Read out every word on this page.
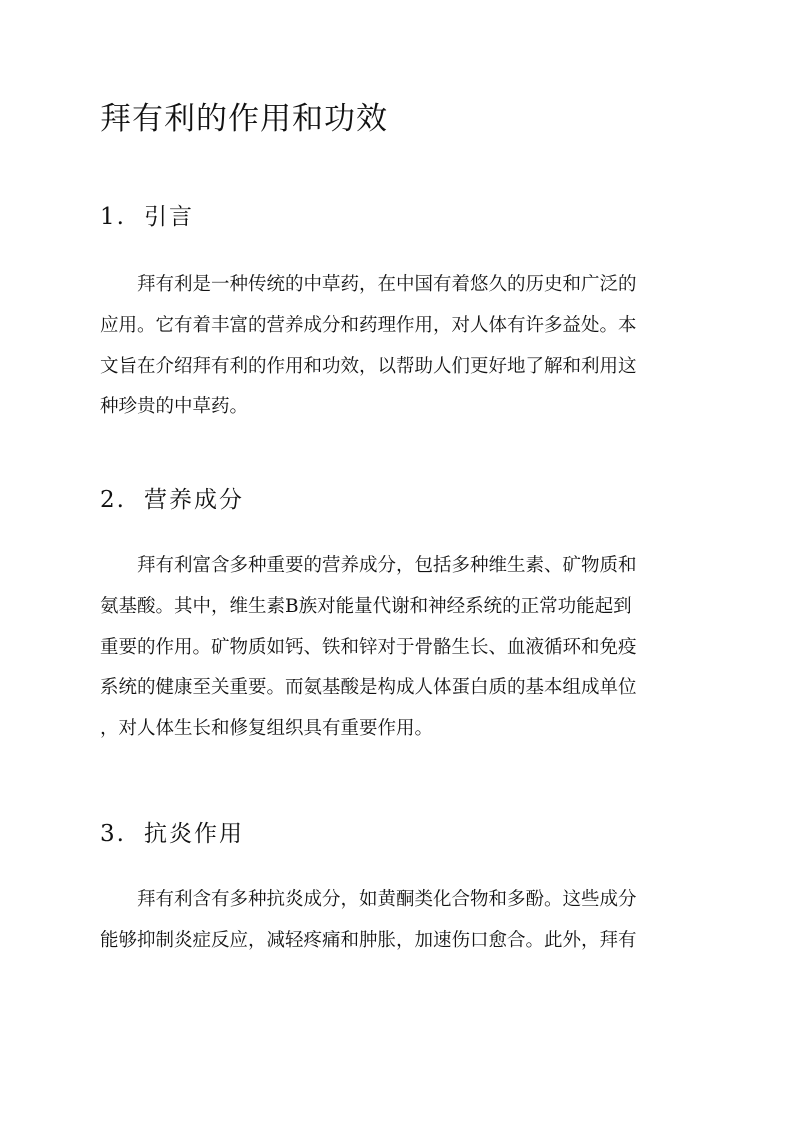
拜有利的作用和功效
1. 引言
拜有利是一种传统的中草药，在中国有着悠久的历史和广泛的
应用。它有着丰富的营养成分和药理作用，对人体有许多益处。本
文旨在介绍拜有利的作用和功效，以帮助人们更好地了解和利用这
种珍贵的中草药。
2. 营养成分
拜有利富含多种重要的营养成分，包括多种维生素、矿物质和
氨基酸。其中，维生素B族对能量代谢和神经系统的正常功能起到
重要的作用。矿物质如钙、铁和锌对于骨骼生长、血液循环和免疫
系统的健康至关重要。而氨基酸是构成人体蛋白质的基本组成单位
，对人体生长和修复组织具有重要作用。
3. 抗炎作用
拜有利含有多种抗炎成分，如黄酮类化合物和多酚。这些成分
能够抑制炎症反应，减轻疼痛和肿胀，加速伤口愈合。此外，拜有
